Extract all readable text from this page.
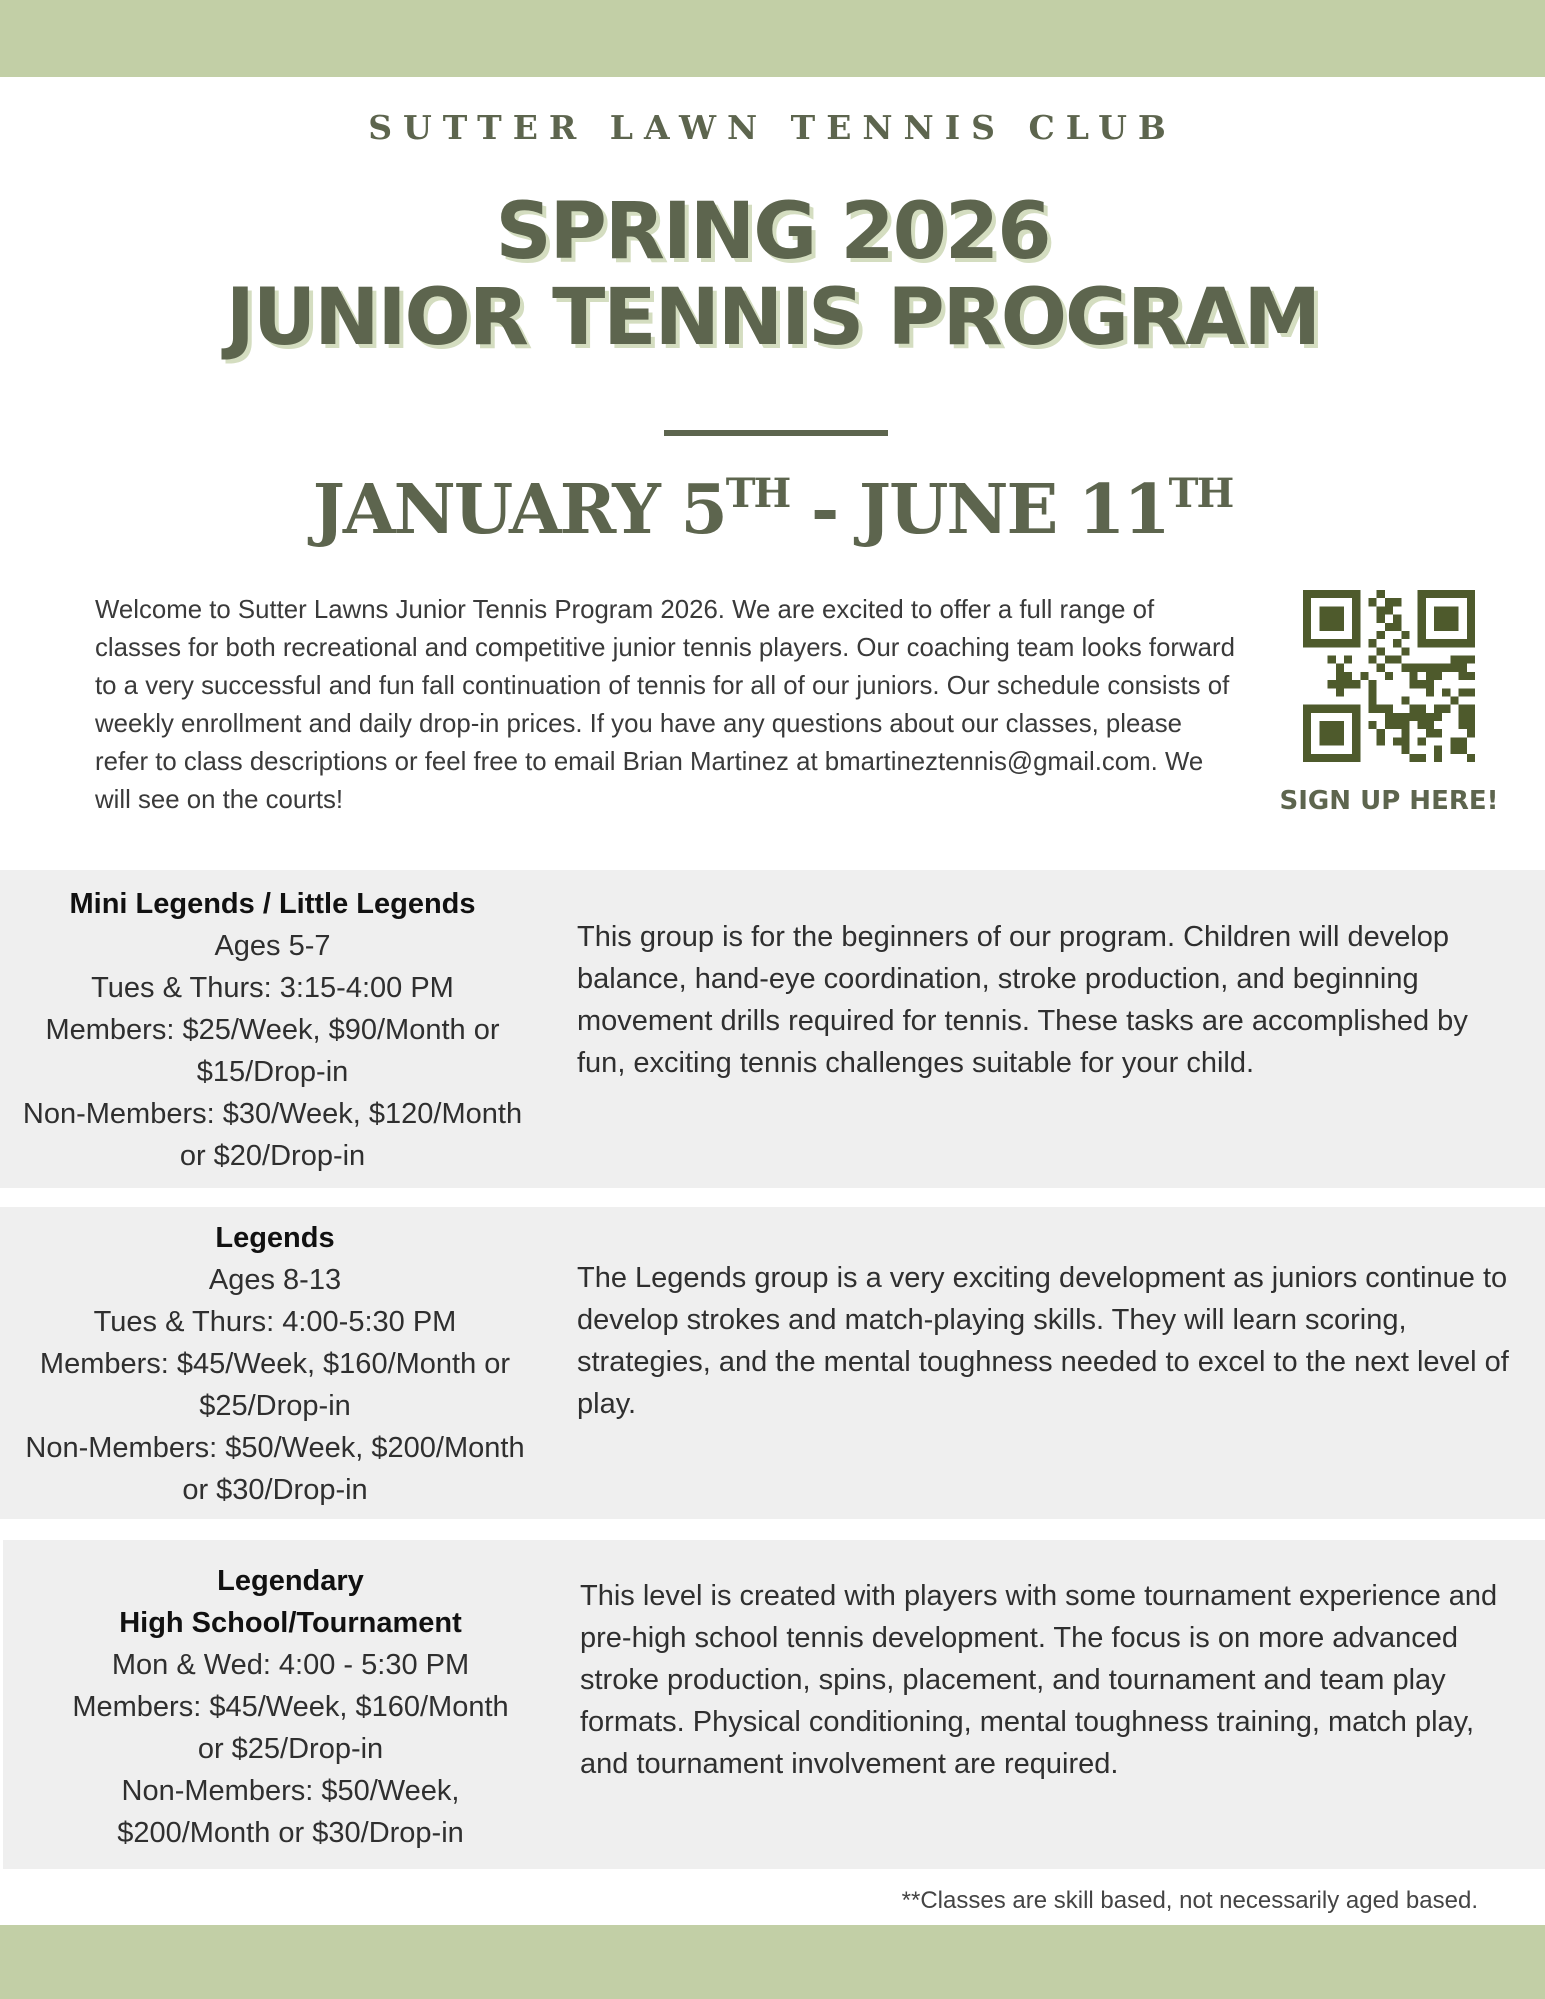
SUTTER LAWN TENNIS CLUB
SPRING 2026
JUNIOR TENNIS PROGRAM
JANUARY 5TH - JUNE 11TH

Welcome to Sutter Lawns Junior Tennis Program 2026. We are excited to offer a full range of classes for both recreational and competitive junior tennis players. Our coaching team looks forward to a very successful and fun fall continuation of tennis for all of our juniors. Our schedule consists of weekly enrollment and daily drop-in prices. If you have any questions about our classes, please refer to class descriptions or feel free to email Brian Martinez at bmartineztennis@gmail.com. We will see on the courts!	SIGN UP HERE!
Mini Legends / Little Legends
Ages 5-7
Tues & Thurs: 3:15-4:00 PM
Members: $25/Week, $90/Month or $15/Drop-in
Non-Members: $30/Week, $120/Month or $20/Drop-in

This group is for the beginners of our program. Children will develop balance, hand-eye coordination, stroke production, and beginning movement drills required for tennis. These tasks are accomplished by fun, exciting tennis challenges suitable for your child.

Legends
Ages 8-13
Tues & Thurs: 4:00-5:30 PM
Members: $45/Week, $160/Month or $25/Drop-in
Non-Members: $50/Week, $200/Month or $30/Drop-in

The Legends group is a very exciting development as juniors continue to develop strokes and match-playing skills. They will learn scoring, strategies, and the mental toughness needed to excel to the next level of play.

Legendary
High School/Tournament
Mon & Wed: 4:00 - 5:30 PM
Members: $45/Week, $160/Month or $25/Drop-in
Non-Members: $50/Week, $200/Month or $30/Drop-in

This level is created with players with some tournament experience and pre-high school tennis development. The focus is on more advanced stroke production, spins, placement, and tournament and team play formats. Physical conditioning, mental toughness training, match play, and tournament involvement are required.

**Classes are skill based, not necessarily aged based.
